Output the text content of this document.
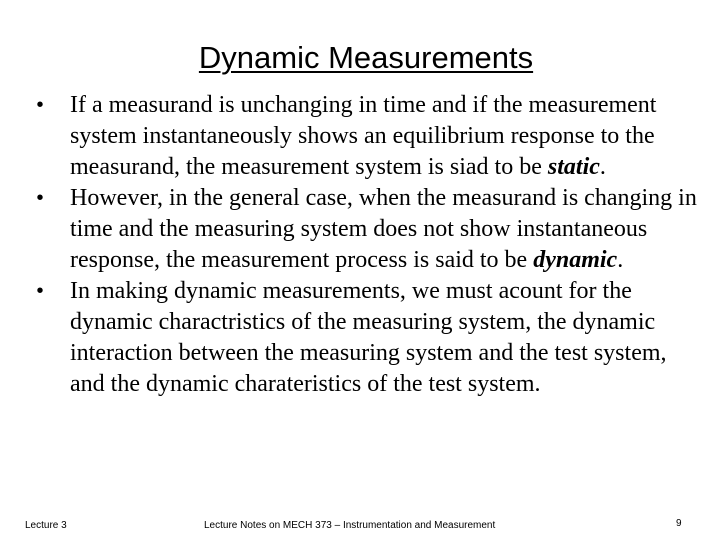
Dynamic Measurements
• If a measurand is unchanging in time and if the measurement system instantaneously shows an equilibrium response to the measurand, the measurement system is siad to be static.
• However, in the general case, when the measurand is changing in time and the measuring system does not show instantaneous response, the measurement process is said to be dynamic.
• In making dynamic measurements, we must acount for the dynamic charactristics of the measuring system, the dynamic interaction between the measuring system and the test system, and the dynamic charateristics of the test system.
Lecture 3	Lecture Notes on MECH 373 – Instrumentation and Measurement	9
